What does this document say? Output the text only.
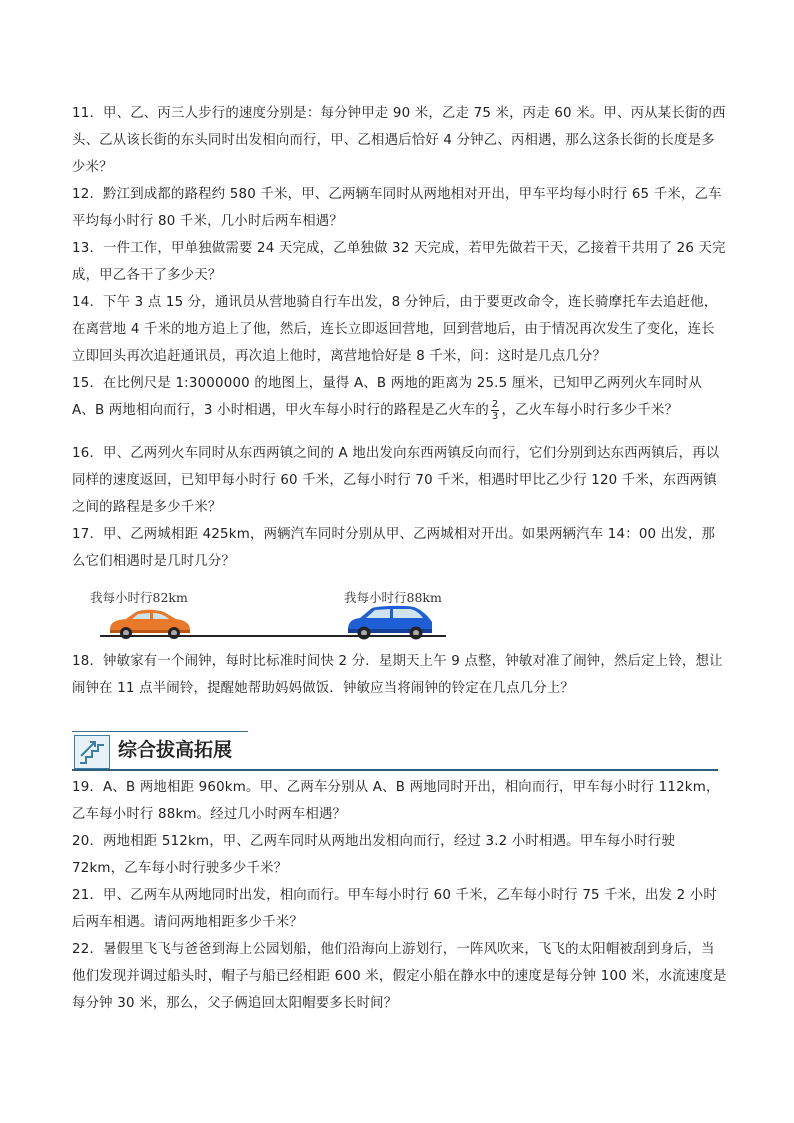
11．甲、乙、丙三人步行的速度分别是：每分钟甲走 90 米，乙走 75 米，丙走 60 米。甲、丙从某长街的西头、乙从该长街的东头同时出发相向而行，甲、乙相遇后恰好 4 分钟乙、丙相遇，那么这条长街的长度是多少米？
12．黔江到成都的路程约 580 千米，甲、乙两辆车同时从两地相对开出，甲车平均每小时行 65 千米，乙车平均每小时行 80 千米，几小时后两车相遇？
13．一件工作，甲单独做需要 24 天完成，乙单独做 32 天完成，若甲先做若干天，乙接着干共用了 26 天完成，甲乙各干了多少天？
14．下午 3 点 15 分，通讯员从营地骑自行车出发，8 分钟后，由于要更改命令，连长骑摩托车去追赶他，在离营地 4 千米的地方追上了他，然后，连长立即返回营地，回到营地后，由于情况再次发生了变化，连长立即回头再次追赶通讯员，再次追上他时，离营地恰好是 8 千米，问：这时是几点几分？
15．在比例尺是 1:3000000 的地图上，量得 A、B 两地的距离为 25.5 厘米，已知甲乙两列火车同时从 A、B 两地相向而行，3 小时相遇，甲火车每小时行的路程是乙火车的 $\frac{2}{3}$ ，乙火车每小时行多少千米？
16．甲、乙两列火车同时从东西两镇之间的 A 地出发向东西两镇反向而行，它们分别到达东西两镇后，再以同样的速度返回，已知甲每小时行 60 千米，乙每小时行 70 千米，相遇时甲比乙少行 120 千米，东西两镇之间的路程是多少千米？
17．甲、乙两城相距 425km，两辆汽车同时分别从甲、乙两城相对开出。如果两辆汽车 14：00 出发，那么它们相遇时是几时几分？
我每小时行82km	我每小时行88km
18．钟敏家有一个闹钟，每时比标准时间快 2 分．星期天上午 9 点整，钟敏对准了闹钟，然后定上铃，想让闹钟在 11 点半闹铃，提醒她帮助妈妈做饭．钟敏应当将闹钟的铃定在几点几分上？
综合拔高拓展
19．A、B 两地相距 960km。甲、乙两车分别从 A、B 两地同时开出，相向而行，甲车每小时行 112km，乙车每小时行 88km。经过几小时两车相遇？
20．两地相距 512km，甲、乙两车同时从两地出发相向而行，经过 3.2 小时相遇。甲车每小时行驶 72km，乙车每小时行驶多少千米？
21．甲、乙两车从两地同时出发，相向而行。甲车每小时行 60 千米，乙车每小时行 75 千米，出发 2 小时后两车相遇。请问两地相距多少千米？
22．暑假里飞飞与爸爸到海上公园划船，他们沿海向上游划行，一阵风吹来，飞飞的太阳帽被刮到身后，当他们发现并调过船头时，帽子与船已经相距 600 米，假定小船在静水中的速度是每分钟 100 米，水流速度是每分钟 30 米，那么，父子俩追回太阳帽要多长时间？
